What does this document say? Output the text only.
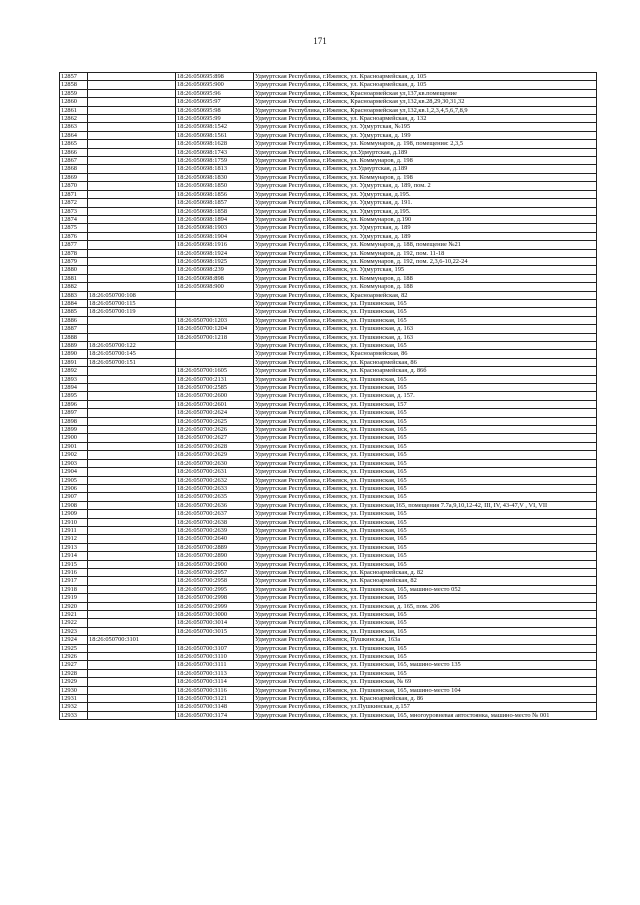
171
12857		18:26:050695:898	Удмуртская Республика, г.Ижевск, ул. Красноармейская, д. 105
12858		18:26:050695:900	Удмуртская Республика, г.Ижевск, ул. Красноармейская, д. 105
12859		18:26:050695:96	Удмуртская Республика, г.Ижевск, Красноармейская ул,137,кв.помещение
12860		18:26:050695:97	Удмуртская Республика, г.Ижевск, Красноармейская ул,132,кв.28,29,30,31,32
12861		18:26:050695:98	Удмуртская Республика, г.Ижевск, Красноармейская ул,132,кв.1,2,3,4,5,6,7,8,9
12862		18:26:050695:99	Удмуртская Республика, г.Ижевск, ул. Красноармейская, д. 132
12863		18:26:050698:1542	Удмуртская Республика, г.Ижевск, ул. Удмуртская, №195
12864		18:26:050698:1561	Удмуртская Республика, г.Ижевск, ул. Удмуртская, д. 199
12865		18:26:050698:1628	Удмуртская Республика, г.Ижевск, ул. Коммунаров, д. 198, помещения: 2,3,5
12866		18:26:050698:1743	Удмуртская Республика, г.Ижевск, ул.Удмуртская, д.189
12867		18:26:050698:1759	Удмуртская Республика, г.Ижевск, ул. Коммунаров, д. 198
12868		18:26:050698:1813	Удмуртская Республика, г.Ижевск, ул.Удмуртская, д.189
12869		18:26:050698:1830	Удмуртская Республика, г.Ижевск, ул. Коммунаров, д. 198
12870		18:26:050698:1850	Удмуртская Республика, г.Ижевск, ул. Удмуртская, д. 189, пом. 2
12871		18:26:050698:1856	Удмуртская Республика, г.Ижевск, ул. Удмуртская, д.195.
12872		18:26:050698:1857	Удмуртская Республика, г.Ижевск, ул. Удмуртская, д. 191.
12873		18:26:050698:1858	Удмуртская Республика, г.Ижевск, ул. Удмуртская, д.195.
12874		18:26:050698:1894	Удмуртская Республика, г.Ижевск, ул. Коммунаров, д.190
12875		18:26:050698:1903	Удмуртская Республика, г.Ижевск, ул. Удмуртская, д. 189
12876		18:26:050698:1904	Удмуртская Республика, г.Ижевск, ул. Удмуртская, д. 189
12877		18:26:050698:1916	Удмуртская Республика, г.Ижевск, ул. Коммунаров, д. 188, помещение №21
12878		18:26:050698:1924	Удмуртская Республика, г.Ижевск, ул. Коммунаров, д. 192, пом. 11-18
12879		18:26:050698:1925	Удмуртская Республика, г.Ижевск, ул. Коммунаров, д. 192, пом. 2,3,6-10,22-24
12880		18:26:050698:239	Удмуртская Республика, г.Ижевск, ул. Удмуртская, 195
12881		18:26:050698:898	Удмуртская Республика, г.Ижевск, ул. Коммунаров, д. 188
12882		18:26:050698:900	Удмуртская Республика, г.Ижевск, ул. Коммунаров, д. 188
12883	18:26:050700:108		Удмуртская Республика, г.Ижевск, Красноармейская, 82
12884	18:26:050700:115		Удмуртская Республика, г.Ижевск, ул. Пушкинская, 165
12885	18:26:050700:119		Удмуртская Республика, г.Ижевск, ул. Пушкинская, 165
12886		18:26:050700:1203	Удмуртская Республика, г.Ижевск, ул. Пушкинская, 165
12887		18:26:050700:1204	Удмуртская Республика, г.Ижевск, ул. Пушкинская, д. 163
12888		18:26:050700:1218	Удмуртская Республика, г.Ижевск, ул. Пушкинская, д. 163
12889	18:26:050700:122		Удмуртская Республика, г.Ижевск, ул. Пушкинская, 165
12890	18:26:050700:145		Удмуртская Республика, г.Ижевск, Красноармейская, 86
12891	18:26:050700:151		Удмуртская Республика, г.Ижевск, ул. Красноармейская, 86
12892		18:26:050700:1605	Удмуртская Республика, г.Ижевск, ул. Красноармейская, д. 86б
12893		18:26:050700:2131	Удмуртская Республика, г.Ижевск, ул. Пушкинская, 165
12894		18:26:050700:2585	Удмуртская Республика, г.Ижевск, ул. Пушкинская, 165
12895		18:26:050700:2600	Удмуртская Республика, г.Ижевск, ул. Пушкинская, д. 157.
12896		18:26:050700:2601	Удмуртская Республика, г.Ижевск, ул. Пушкинская, 157
12897		18:26:050700:2624	Удмуртская Республика, г.Ижевск, ул. Пушкинская, 165
12898		18:26:050700:2625	Удмуртская Республика, г.Ижевск, ул. Пушкинская, 165
12899		18:26:050700:2626	Удмуртская Республика, г.Ижевск, ул. Пушкинская, 165
12900		18:26:050700:2627	Удмуртская Республика, г.Ижевск, ул. Пушкинская, 165
12901		18:26:050700:2628	Удмуртская Республика, г.Ижевск, ул. Пушкинская, 165
12902		18:26:050700:2629	Удмуртская Республика, г.Ижевск, ул. Пушкинская, 165
12903		18:26:050700:2630	Удмуртская Республика, г.Ижевск, ул. Пушкинская, 165
12904		18:26:050700:2631	Удмуртская Республика, г.Ижевск, ул. Пушкинская, 165
12905		18:26:050700:2632	Удмуртская Республика, г.Ижевск, ул. Пушкинская, 165
12906		18:26:050700:2633	Удмуртская Республика, г.Ижевск, ул. Пушкинская, 165
12907		18:26:050700:2635	Удмуртская Республика, г.Ижевск, ул. Пушкинская, 165
12908		18:26:050700:2636	Удмуртская Республика, г.Ижевск, ул. Пушкинская,165, помещения 7.7а,9,10,12-42, III, IV, 43-47,V , VI, VII
12909		18:26:050700:2637	Удмуртская Республика, г.Ижевск, ул. Пушкинская, 165
12910		18:26:050700:2638	Удмуртская Республика, г.Ижевск, ул. Пушкинская, 165
12911		18:26:050700:2639	Удмуртская Республика, г.Ижевск, ул. Пушкинская, 165
12912		18:26:050700:2640	Удмуртская Республика, г.Ижевск, ул. Пушкинская, 165
12913		18:26:050700:2889	Удмуртская Республика, г.Ижевск, ул. Пушкинская, 165
12914		18:26:050700:2890	Удмуртская Республика, г.Ижевск, ул. Пушкинская, 165
12915		18:26:050700:2900	Удмуртская Республика, г.Ижевск, ул. Пушкинская, 165
12916		18:26:050700:2957	Удмуртская Республика, г.Ижевск, ул. Красноармейская, д. 82
12917		18:26:050700:2958	Удмуртская Республика, г.Ижевск, ул. Красноармейская, 82
12918		18:26:050700:2995	Удмуртская Республика, г.Ижевск, ул. Пушкинская, 165, машино-место 052
12919		18:26:050700:2998	Удмуртская Республика, г.Ижевск, ул. Пушкинская, 165
12920		18:26:050700:2999	Удмуртская Республика, г.Ижевск, ул. Пушкинская, д. 165, пом. 206
12921		18:26:050700:3000	Удмуртская Республика, г.Ижевск, ул. Пушкинская, 165
12922		18:26:050700:3014	Удмуртская Республика, г.Ижевск, ул. Пушкинская, 165
12923		18:26:050700:3015	Удмуртская Республика, г.Ижевск, ул. Пушкинская, 165
12924	18:26:050700:3101		Удмуртская Республика, г.Ижевск, Пушкинская, 163а
12925		18:26:050700:3107	Удмуртская Республика, г.Ижевск, ул. Пушкинская, 165
12926		18:26:050700:3110	Удмуртская Республика, г.Ижевск, ул. Пушкинская, 165
12927		18:26:050700:3111	Удмуртская Республика, г.Ижевск, ул. Пушкинская, 165, машино-место 135
12928		18:26:050700:3113	Удмуртская Республика, г.Ижевск, ул. Пушкинская, 165
12929		18:26:050700:3114	Удмуртская Республика, г.Ижевск, ул. Пушкинская, № 69
12930		18:26:050700:3116	Удмуртская Республика, г.Ижевск, ул. Пушкинская, 165, машино-место 104
12931		18:26:050700:3121	Удмуртская Республика, г.Ижевск, ул. Красноармейская, д. 86
12932		18:26:050700:3148	Удмуртская Республика, г.Ижевск, ул.Пушкинская, д.157
12933		18:26:050700:3174	Удмуртская Республика, г.Ижевск, ул. Пушкинская, 165, многоуровневая автостоянка, машино-место № 001
